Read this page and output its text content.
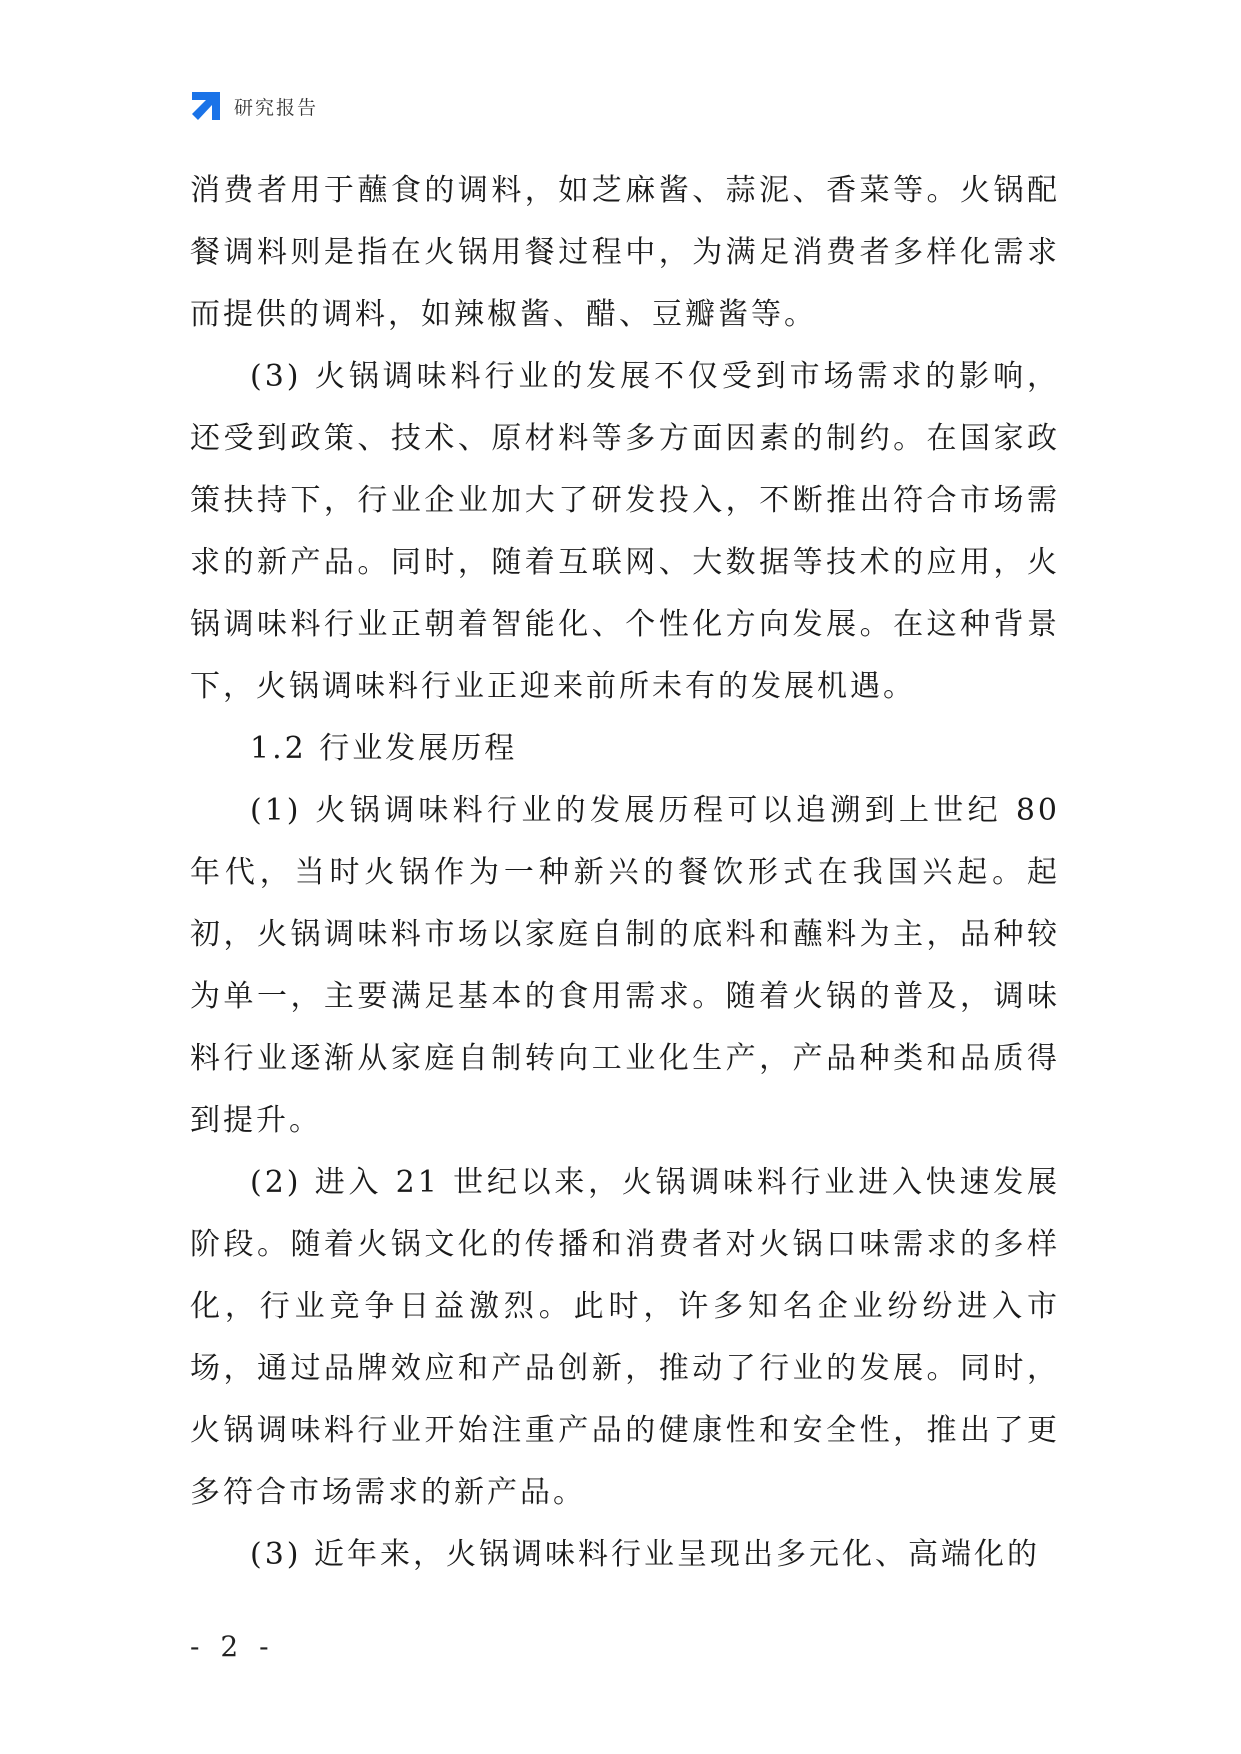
研究报告

消费者用于蘸食的调料，如芝麻酱、蒜泥、香菜等。火锅配餐调料则是指在火锅用餐过程中，为满足消费者多样化需求而提供的调料，如辣椒酱、醋、豆瓣酱等。

(3) 火锅调味料行业的发展不仅受到市场需求的影响，还受到政策、技术、原材料等多方面因素的制约。在国家政策扶持下，行业企业加大了研发投入，不断推出符合市场需求的新产品。同时，随着互联网、大数据等技术的应用，火锅调味料行业正朝着智能化、个性化方向发展。在这种背景下，火锅调味料行业正迎来前所未有的发展机遇。

1.2 行业发展历程

(1) 火锅调味料行业的发展历程可以追溯到上世纪 80 年代，当时火锅作为一种新兴的餐饮形式在我国兴起。起初，火锅调味料市场以家庭自制的底料和蘸料为主，品种较为单一，主要满足基本的食用需求。随着火锅的普及，调味料行业逐渐从家庭自制转向工业化生产，产品种类和品质得到提升。

(2) 进入 21 世纪以来，火锅调味料行业进入快速发展阶段。随着火锅文化的传播和消费者对火锅口味需求的多样化，行业竞争日益激烈。此时，许多知名企业纷纷进入市场，通过品牌效应和产品创新，推动了行业的发展。同时，火锅调味料行业开始注重产品的健康性和安全性，推出了更多符合市场需求的新产品。

(3) 近年来，火锅调味料行业呈现出多元化、高端化的

- 2 -
